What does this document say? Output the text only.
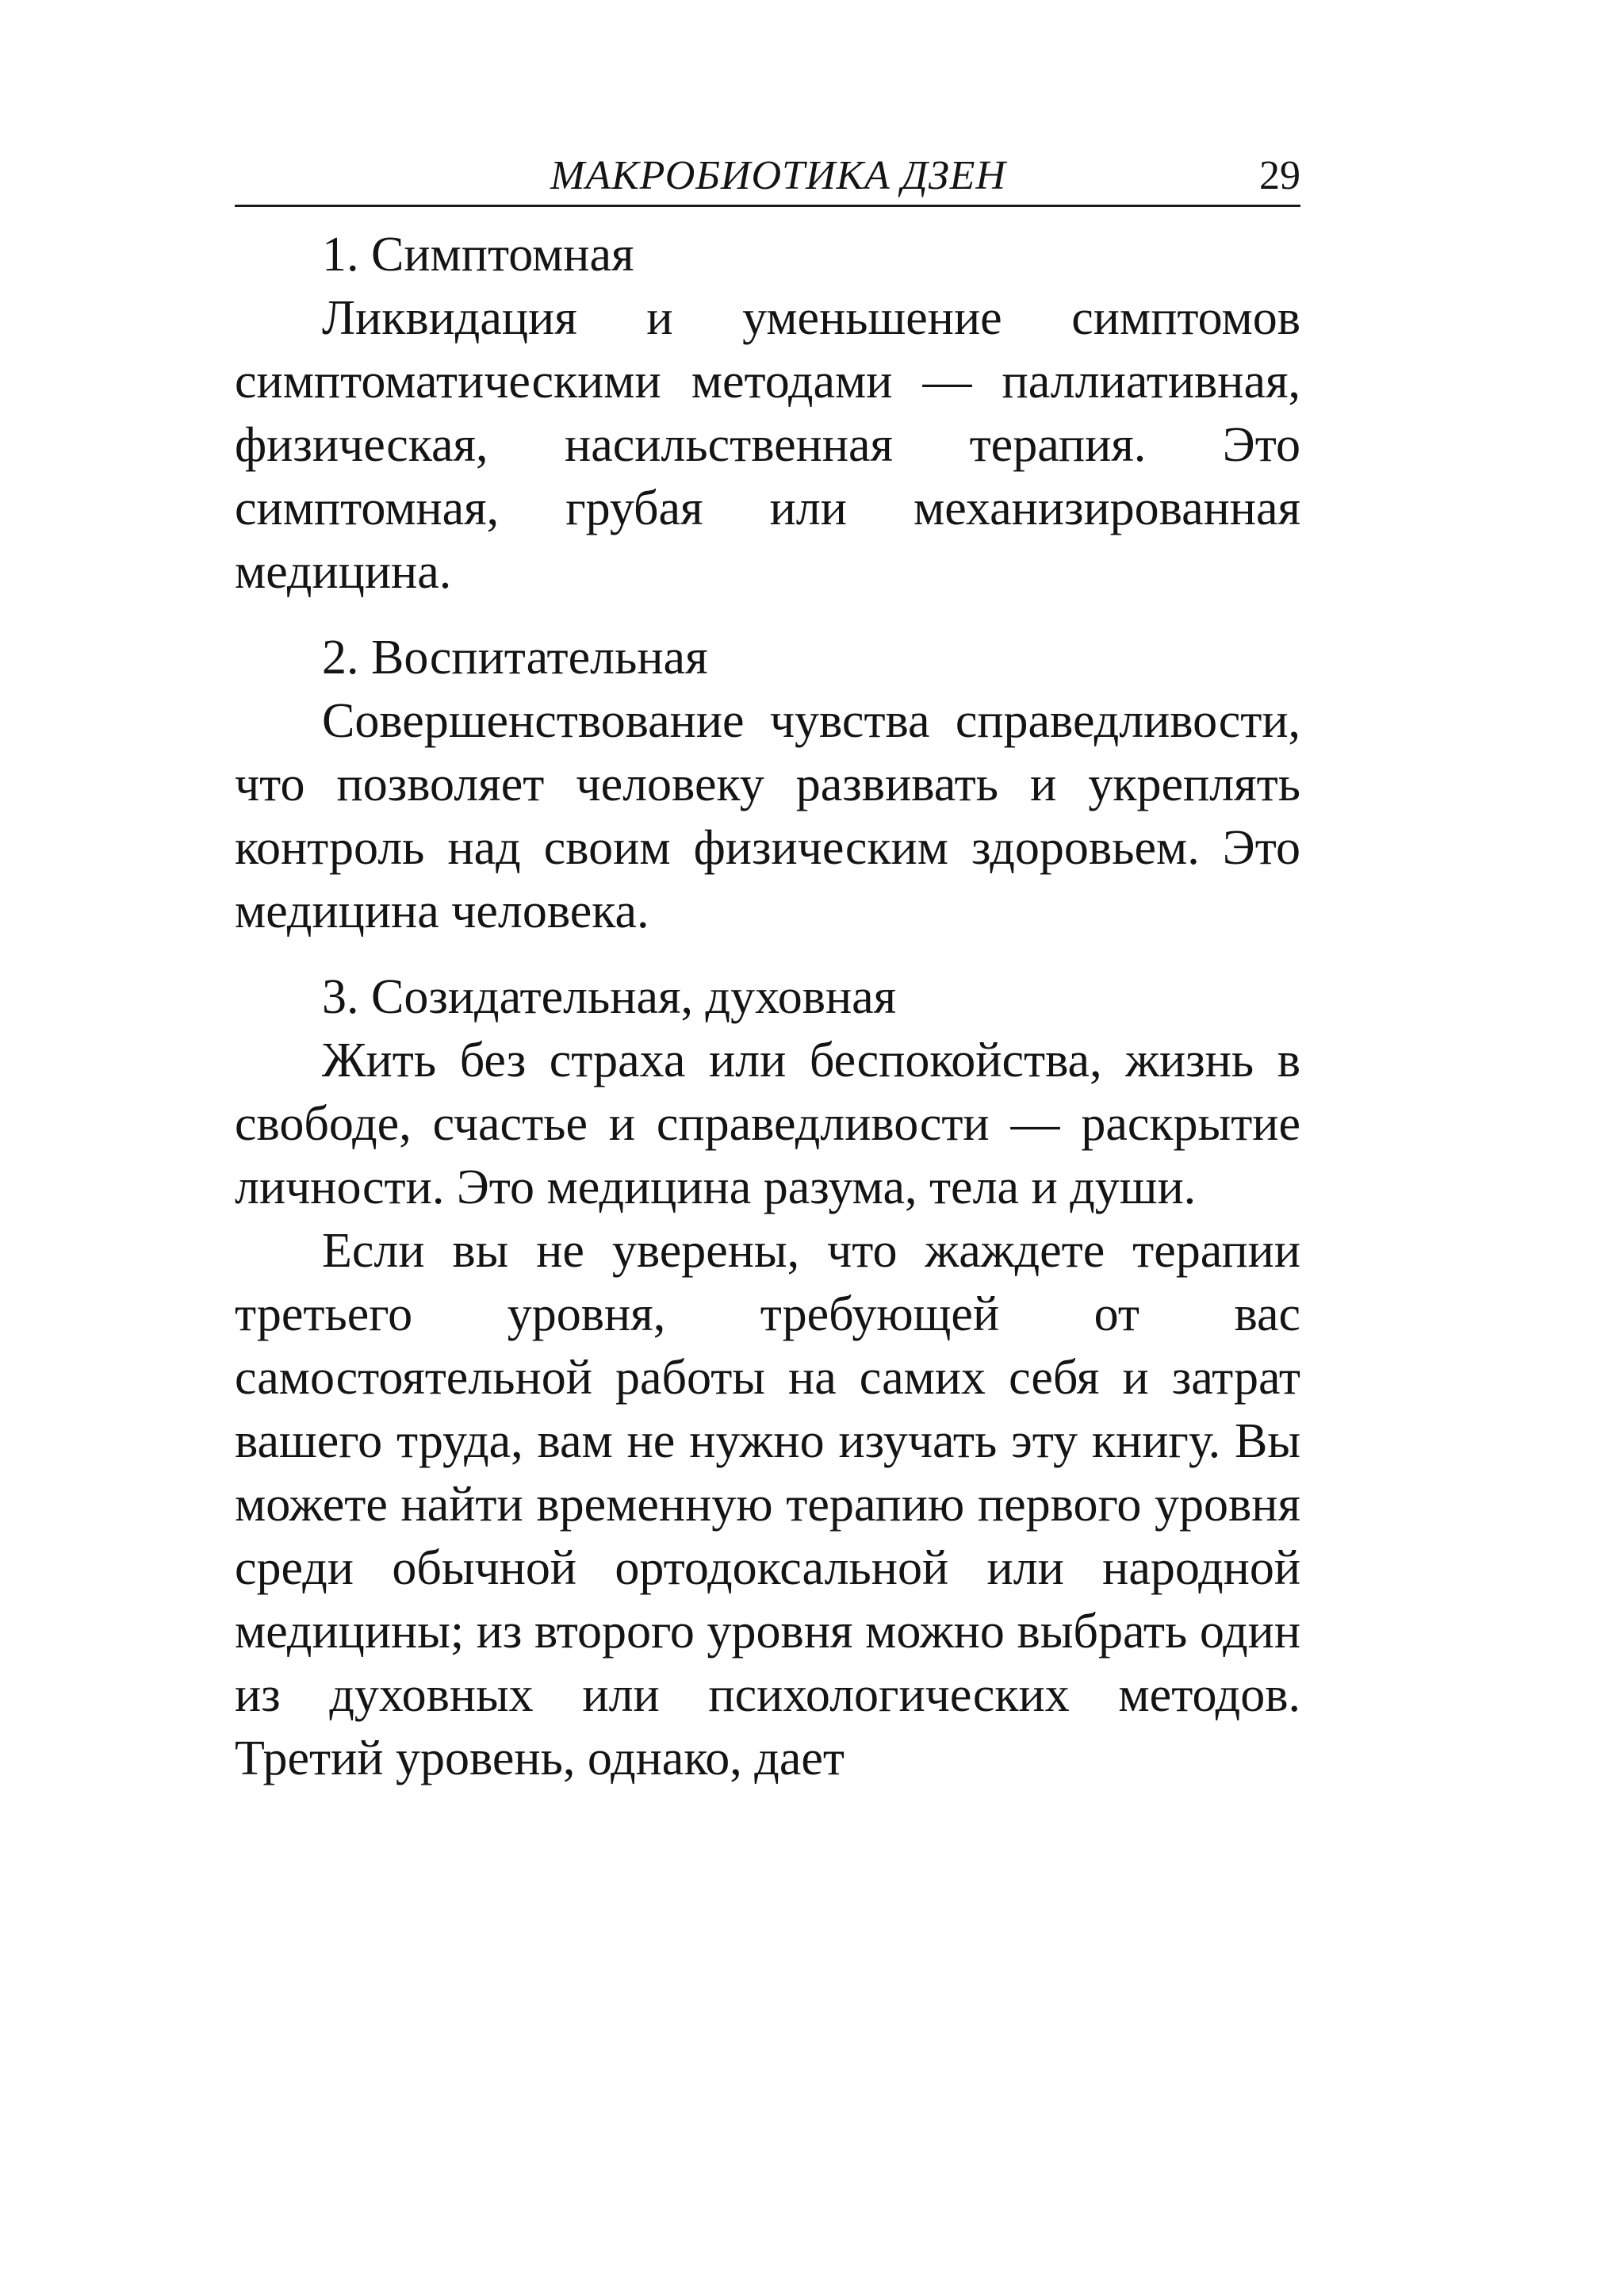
МАКРОБИОТИКА ДЗЕН	29

1. Симптомная

Ликвидация и уменьшение симптомов симптоматическими методами — паллиативная, физическая, насильственная терапия. Это симптомная, грубая или механизированная медицина.

2. Воспитательная

Совершенствование чувства справедливости, что позволяет человеку развивать и укреплять контроль над своим физическим здоровьем. Это медицина человека.

3. Созидательная, духовная

Жить без страха или беспокойства, жизнь в свободе, счастье и справедливости — раскрытие личности. Это медицина разума, тела и души.

Если вы не уверены, что жаждете терапии третьего уровня, требующей от вас самостоятельной работы на самих себя и затрат вашего труда, вам не нужно изучать эту книгу. Вы можете найти временную терапию первого уровня среди обычной ортодоксальной или народной медицины; из второго уровня можно выбрать один из духовных или психологических методов. Третий уровень, однако, дает
